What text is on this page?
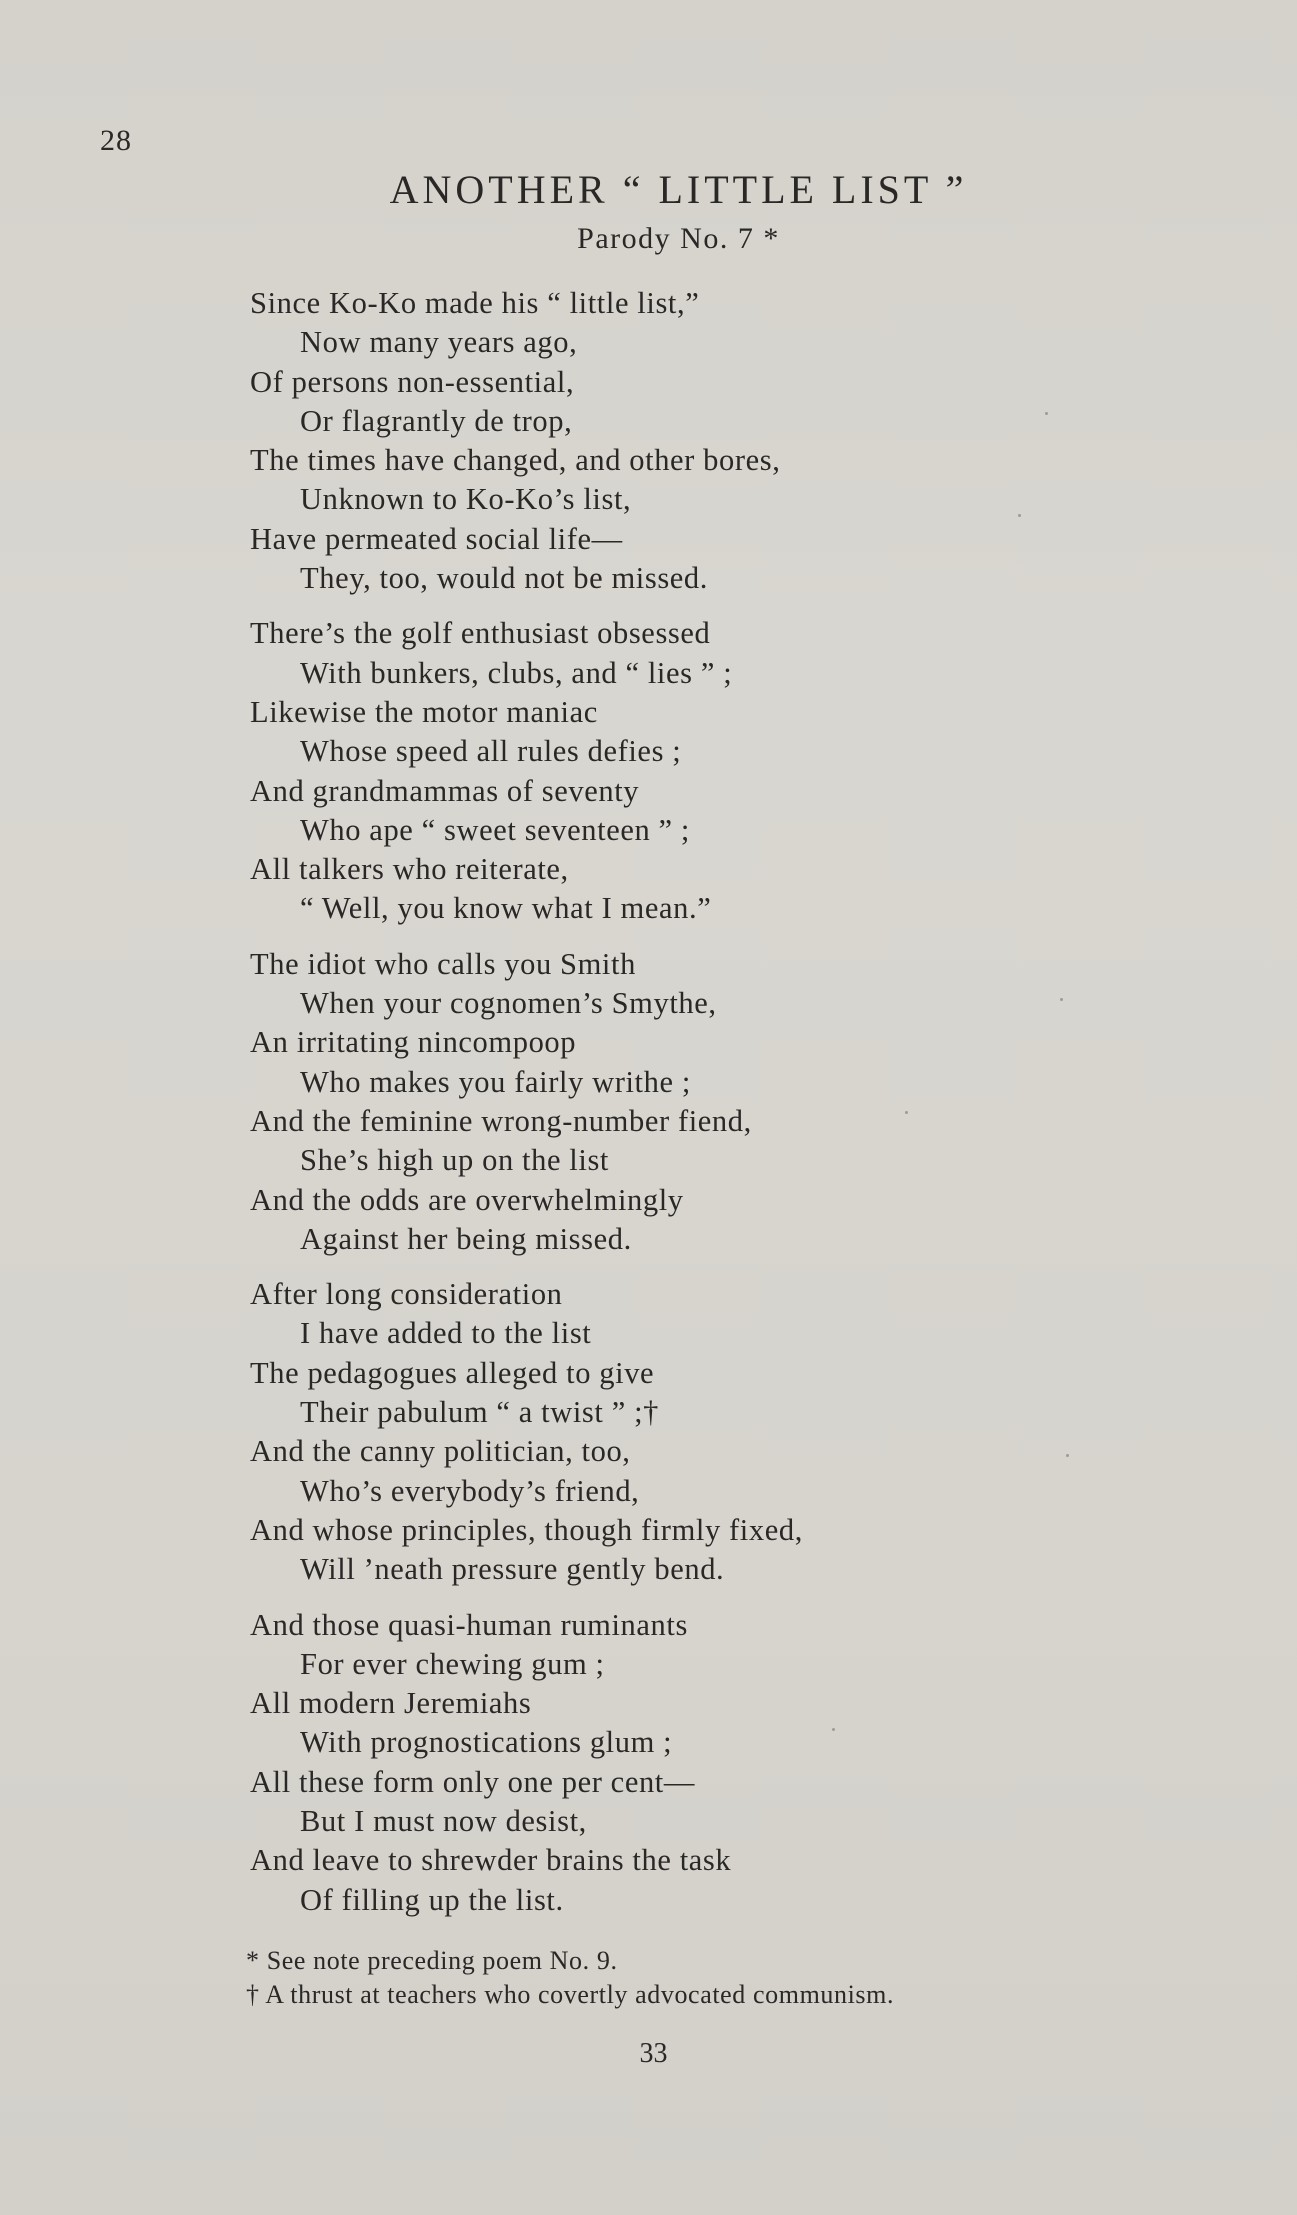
28
ANOTHER “ LITTLE LIST ”
Parody No. 7 *
Since Ko-Ko made his “ little list,”
Now many years ago,
Of persons non-essential,
Or flagrantly de trop,
The times have changed, and other bores,
Unknown to Ko-Ko’s list,
Have permeated social life—
They, too, would not be missed.
There’s the golf enthusiast obsessed
With bunkers, clubs, and “ lies ” ;
Likewise the motor maniac
Whose speed all rules defies ;
And grandmammas of seventy
Who ape “ sweet seventeen ” ;
All talkers who reiterate,
“ Well, you know what I mean.”
The idiot who calls you Smith
When your cognomen’s Smythe,
An irritating nincompoop
Who makes you fairly writhe ;
And the feminine wrong-number fiend,
She’s high up on the list
And the odds are overwhelmingly
Against her being missed.
After long consideration
I have added to the list
The pedagogues alleged to give
Their pabulum “ a twist ” ;†
And the canny politician, too,
Who’s everybody’s friend,
And whose principles, though firmly fixed,
Will ’neath pressure gently bend.
And those quasi-human ruminants
For ever chewing gum ;
All modern Jeremiahs
With prognostications glum ;
All these form only one per cent—
But I must now desist,
And leave to shrewder brains the task
Of filling up the list.
* See note preceding poem No. 9.
† A thrust at teachers who covertly advocated communism.
33
